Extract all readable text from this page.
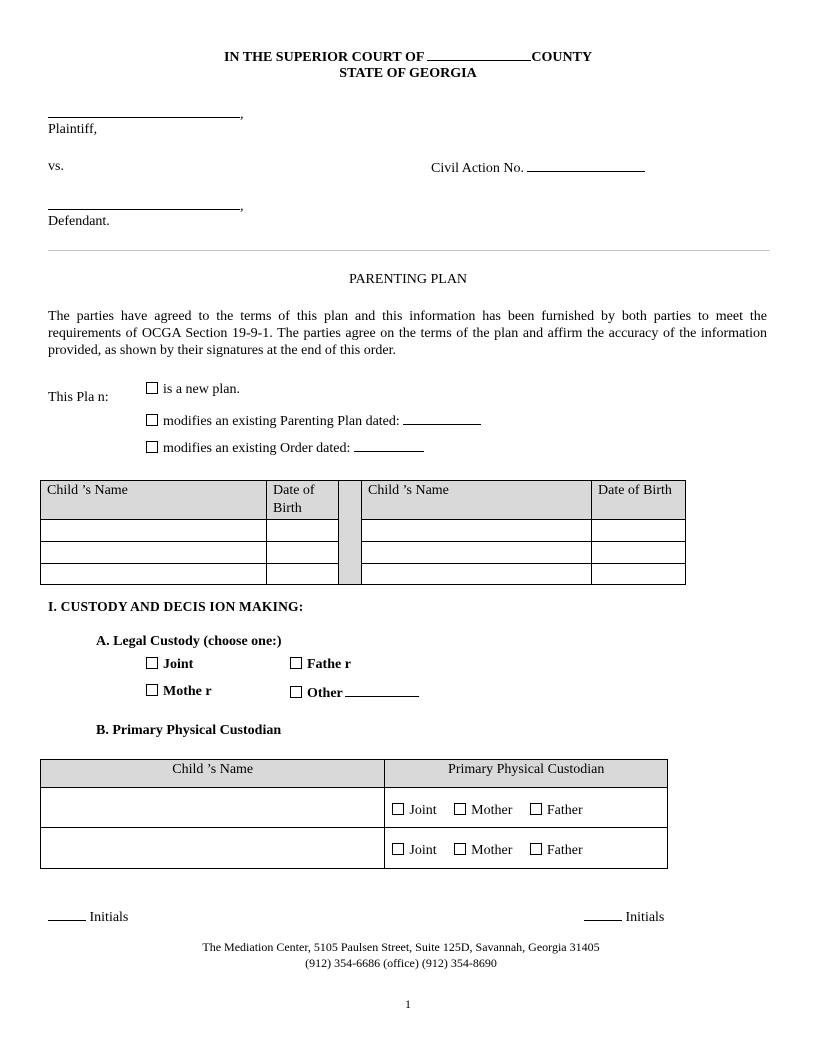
IN THE SUPERIOR COURT OF	COUNTY
STATE OF GEORGIA
,
Plaintiff,
vs.	Civil Action No.
,
Defendant.
PARENTING PLAN
The parties have agreed to the terms of this plan and this information has been furnished by both parties to meet the requirements of OCGA Section 19-9-1. The parties agree on the terms of the plan and affirm the accuracy of the information provided, as shown by their signatures at the end of this order.
This Pla n:
is a new plan.
modifies an existing Parenting Plan dated:
modifies an existing Order dated:
Child ’s Name	Date of Birth		Child ’s Name	Date of Birth

I. CUSTODY AND DECIS ION MAKING:
A. Legal Custody (choose one:)
Joint	Fathe r
Mothe r	Other
B. Primary Physical Custodian
Child ’s Name	Primary Physical Custodian

	Joint Mother Father

	Joint Mother Father
Initials	Initials
The Mediation Center, 5105 Paulsen Street, Suite 125D, Savannah, Georgia 31405
(912) 354-6686 (office) (912) 354-8690
1
